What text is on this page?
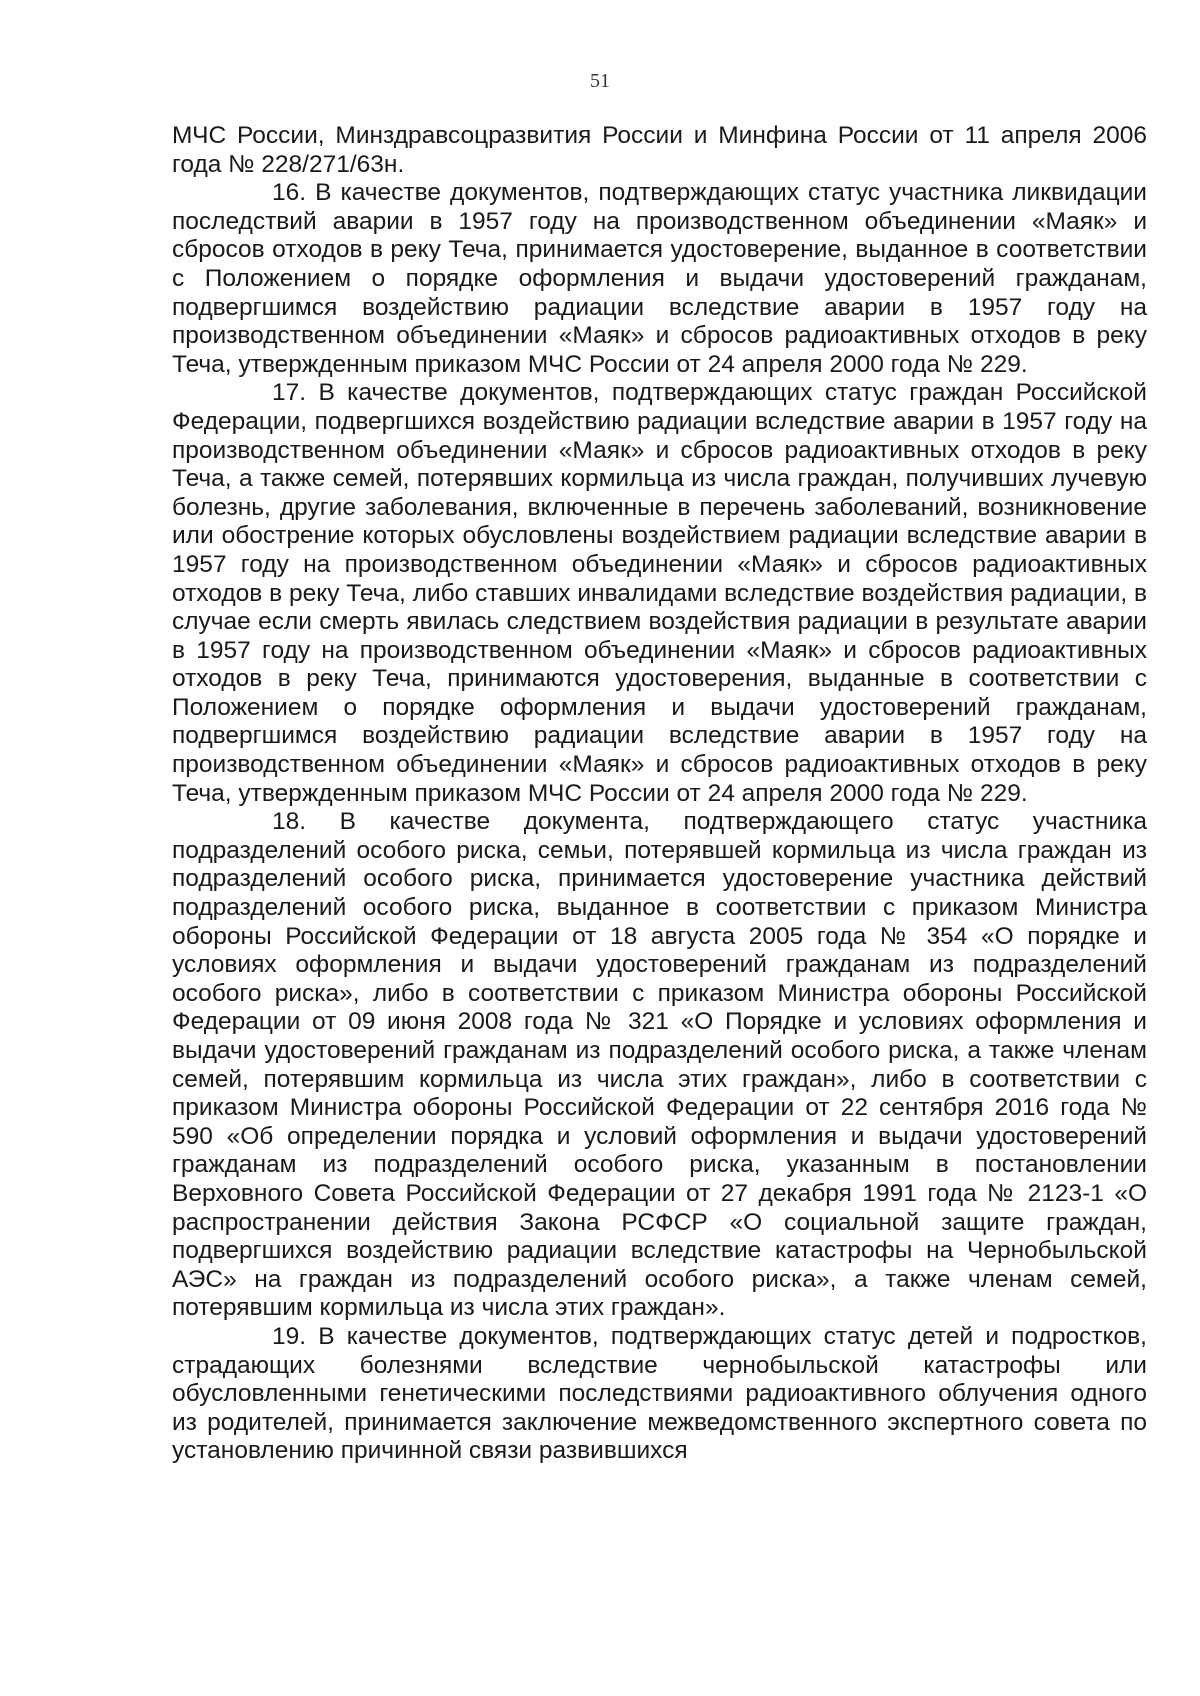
51

МЧС России, Минздравсоцразвития России и Минфина России от 11 апреля 2006 года № 228/271/63н.

16. В качестве документов, подтверждающих статус участника ликвидации последствий аварии в 1957 году на производственном объединении «Маяк» и сбросов отходов в реку Теча, принимается удостоверение, выданное в соответствии с Положением о порядке оформления и выдачи удостоверений гражданам, подвергшимся воздействию радиации вследствие аварии в 1957 году на производственном объединении «Маяк» и сбросов радиоактивных отходов в реку Теча, утвержденным приказом МЧС России от 24 апреля 2000 года № 229.

17. В качестве документов, подтверждающих статус граждан Российской Федерации, подвергшихся воздействию радиации вследствие аварии в 1957 году на производственном объединении «Маяк» и сбросов радиоактивных отходов в реку Теча, а также семей, потерявших кормильца из числа граждан, получивших лучевую болезнь, другие заболевания, включенные в перечень заболеваний, возникновение или обострение которых обусловлены воздействием радиации вследствие аварии в 1957 году на производственном объединении «Маяк» и сбросов радиоактивных отходов в реку Теча, либо ставших инвалидами вследствие воздействия радиации, в случае если смерть явилась следствием воздействия радиации в результате аварии в 1957 году на производственном объединении «Маяк» и сбросов радиоактивных отходов в реку Теча, принимаются удостоверения, выданные в соответствии с Положением о порядке оформления и выдачи удостоверений гражданам, подвергшимся воздействию радиации вследствие аварии в 1957 году на производственном объединении «Маяк» и сбросов радиоактивных отходов в реку Теча, утвержденным приказом МЧС России от 24 апреля 2000 года № 229.

18. В качестве документа, подтверждающего статус участника подразделений особого риска, семьи, потерявшей кормильца из числа граждан из подразделений особого риска, принимается удостоверение участника действий подразделений особого риска, выданное в соответствии с приказом Министра обороны Российской Федерации от 18 августа 2005 года № 354 «О порядке и условиях оформления и выдачи удостоверений гражданам из подразделений особого риска», либо в соответствии с приказом Министра обороны Российской Федерации от 09 июня 2008 года № 321 «О Порядке и условиях оформления и выдачи удостоверений гражданам из подразделений особого риска, а также членам семей, потерявшим кормильца из числа этих граждан», либо в соответствии с приказом Министра обороны Российской Федерации от 22 сентября 2016 года № 590 «Об определении порядка и условий оформления и выдачи удостоверений гражданам из подразделений особого риска, указанным в постановлении Верховного Совета Российской Федерации от 27 декабря 1991 года № 2123-1 «О распространении действия Закона РСФСР «О социальной защите граждан, подвергшихся воздействию радиации вследствие катастрофы на Чернобыльской АЭС» на граждан из подразделений особого риска», а также членам семей, потерявшим кормильца из числа этих граждан».

19. В качестве документов, подтверждающих статус детей и подростков, страдающих болезнями вследствие чернобыльской катастрофы или обусловленными генетическими последствиями радиоактивного облучения одного из родителей, принимается заключение межведомственного экспертного совета по установлению причинной связи развившихся
